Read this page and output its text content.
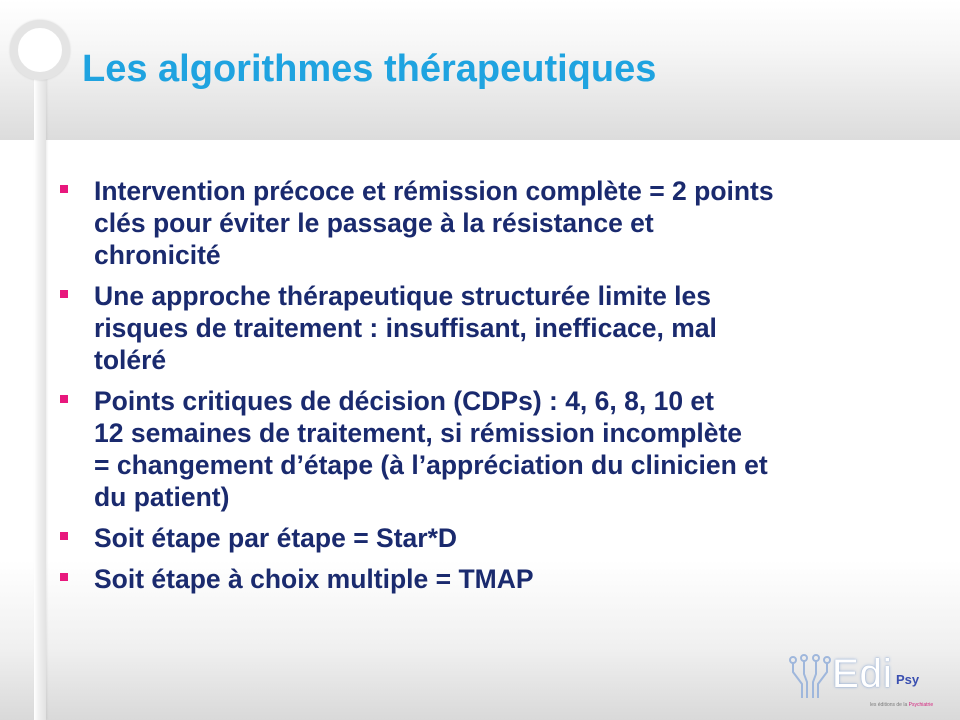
Les algorithmes thérapeutiques
Intervention précoce et rémission complète = 2 points
clés pour éviter le passage à la résistance et
chronicité
Une approche thérapeutique structurée limite les
risques de traitement : insuffisant, inefficace, mal
toléré
Points critiques de décision (CDPs) : 4, 6, 8, 10 et
12 semaines de traitement, si rémission incomplète
= changement d’étape (à l’appréciation du clinicien et
du patient)
Soit étape par étape = Star*D
Soit étape à choix multiple = TMAP
Edi Psy
les éditions de la Psychiatrie
